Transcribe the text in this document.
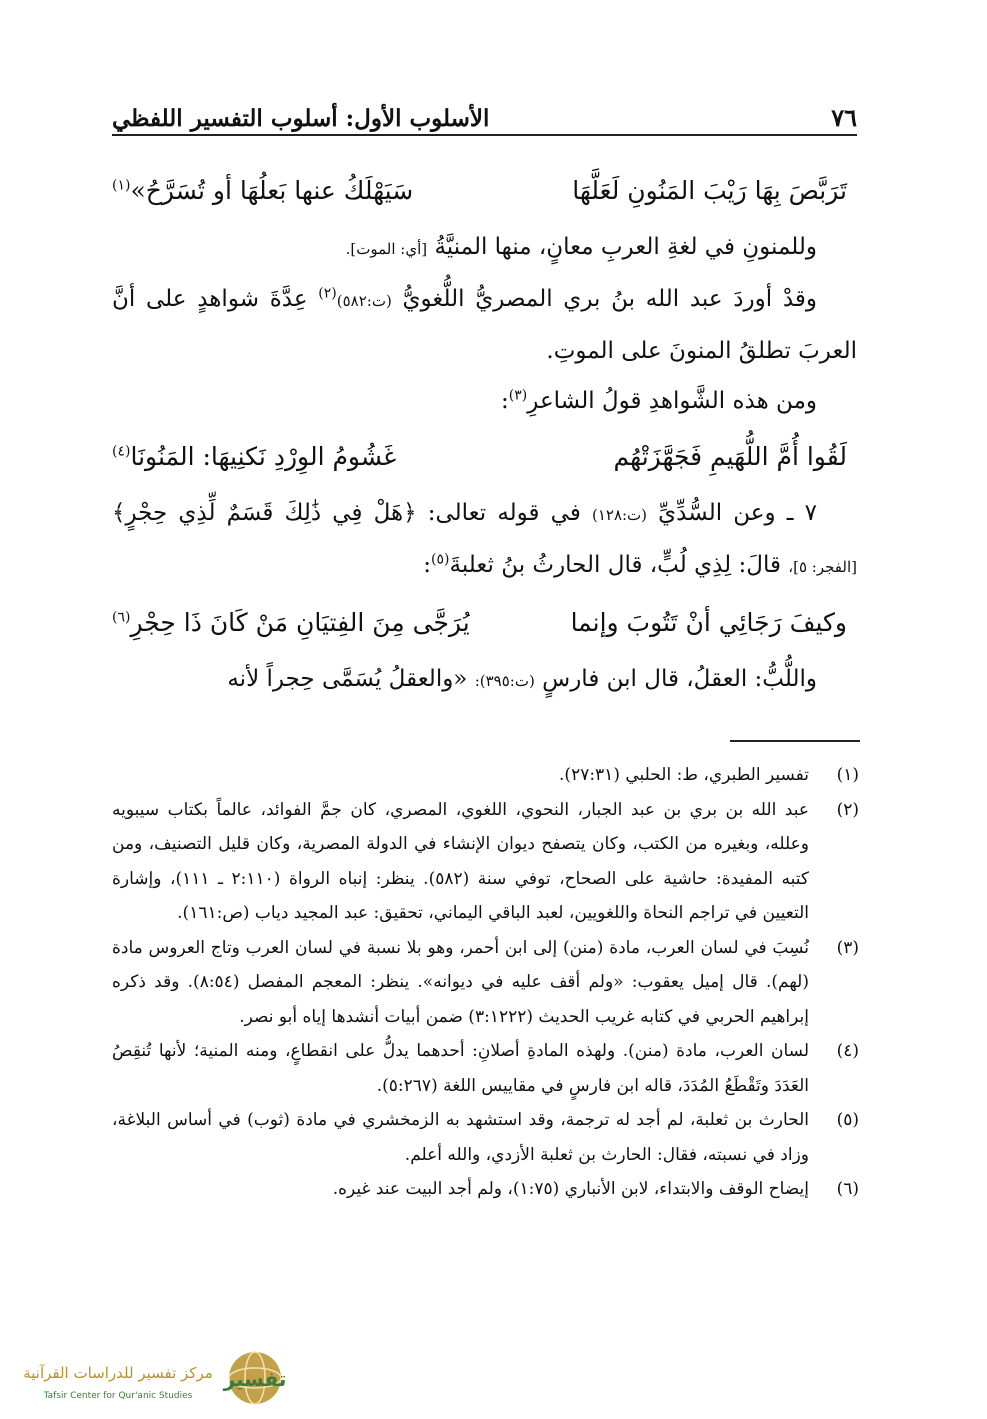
٧٦
الأسلوب الأول: أسلوب التفسير اللفظي
تَرَبَّصَ بِهَا رَيْبَ المَنُونِ لَعَلَّهَا
سَيَهْلَكُ عنها بَعلُهَا أو تُسَرَّحُ»$^{(١)}$
وللمنونِ في لغةِ العربِ معانٍ، منها المنيَّةُ [أي: الموت].
وقدْ أوردَ عبد الله بنُ بري المصريُّ اللُّغويُّ (ت:٥٨٢)$^{(٢)}$ عِدَّةَ شواهدٍ على أنَّ العربَ تطلقُ المنونَ على الموتِ.
ومن هذه الشَّواهدِ قولُ الشاعرِ$^{(٣)}$:
لَقُوا أُمَّ اللُّهَيمِ فَجَهَّزَتْهُم
غَشُومُ الوِرْدِ نَكنِيهَا: المَنُونَا$^{(٤)}$
٧ ـ وعن السُّدِّيِّ (ت:١٢٨) في قوله تعالى: ﴿هَلْ فِي ذَٰلِكَ قَسَمٌ لِّذِي حِجْرٍ﴾ [الفجر: ٥]، قالَ: لِذِي لُبٍّ، قال الحارثُ بنُ ثعلبةَ$^{(٥)}$:
وكيفَ رَجَائِي أنْ تَتُوبَ وإنما
يُرَجَّى مِنَ الفِتيَانِ مَنْ كَانَ ذَا حِجْرِ$^{(٦)}$
واللُّبُّ: العقلُ، قال ابن فارسٍ (ت:٣٩٥): «والعقلُ يُسَمَّى حِجراً لأنه
(١)
تفسير الطبري، ط: الحلبي (٢٧:٣١).
(٢)
عبد الله بن بري بن عبد الجبار، النحوي، اللغوي، المصري، كان جمَّ الفوائد، عالماً بكتاب سيبويه وعلله، وبغيره من الكتب، وكان يتصفح ديوان الإنشاء في الدولة المصرية، وكان قليل التصنيف، ومن كتبه المفيدة: حاشية على الصحاح، توفي سنة (٥٨٢). ينظر: إنباه الرواة (٢:١١٠ ـ ١١١)، وإشارة التعيين في تراجم النحاة واللغويين، لعبد الباقي اليماني، تحقيق: عبد المجيد دياب (ص:١٦١).
(٣)
نُسِبَ في لسان العرب، مادة (منن) إلى ابن أحمر، وهو بلا نسبة في لسان العرب وتاج العروس مادة (لهم). قال إميل يعقوب: «ولم أقف عليه في ديوانه». ينظر: المعجم المفصل (٨:٥٤). وقد ذكره إبراهيم الحربي في كتابه غريب الحديث (٣:١٢٢٢) ضمن أبيات أنشدها إياه أبو نصر.
(٤)
لسان العرب، مادة (منن). ولهذه المادةِ أصلانِ: أحدهما يدلُّ على انقطاعٍ، ومنه المنية؛ لأنها تُنقِصُ العَدَدَ وتَقْطَعُ المُدَدَ، قاله ابن فارسٍ في مقاييس اللغة (٥:٢٦٧).
(٥)
الحارث بن ثعلبة، لم أجد له ترجمة، وقد استشهد به الزمخشري في مادة (ثوب) في أساس البلاغة، وزاد في نسبته، فقال: الحارث بن ثعلبة الأزدي، والله أعلم.
(٦)
إيضاح الوقف والابتداء، لابن الأنباري (١:٧٥)، ولم أجد البيت عند غيره.
تفسير
مركز تفسير للدراسات القرآنية
Tafsir Center for Qur'anic Studies
